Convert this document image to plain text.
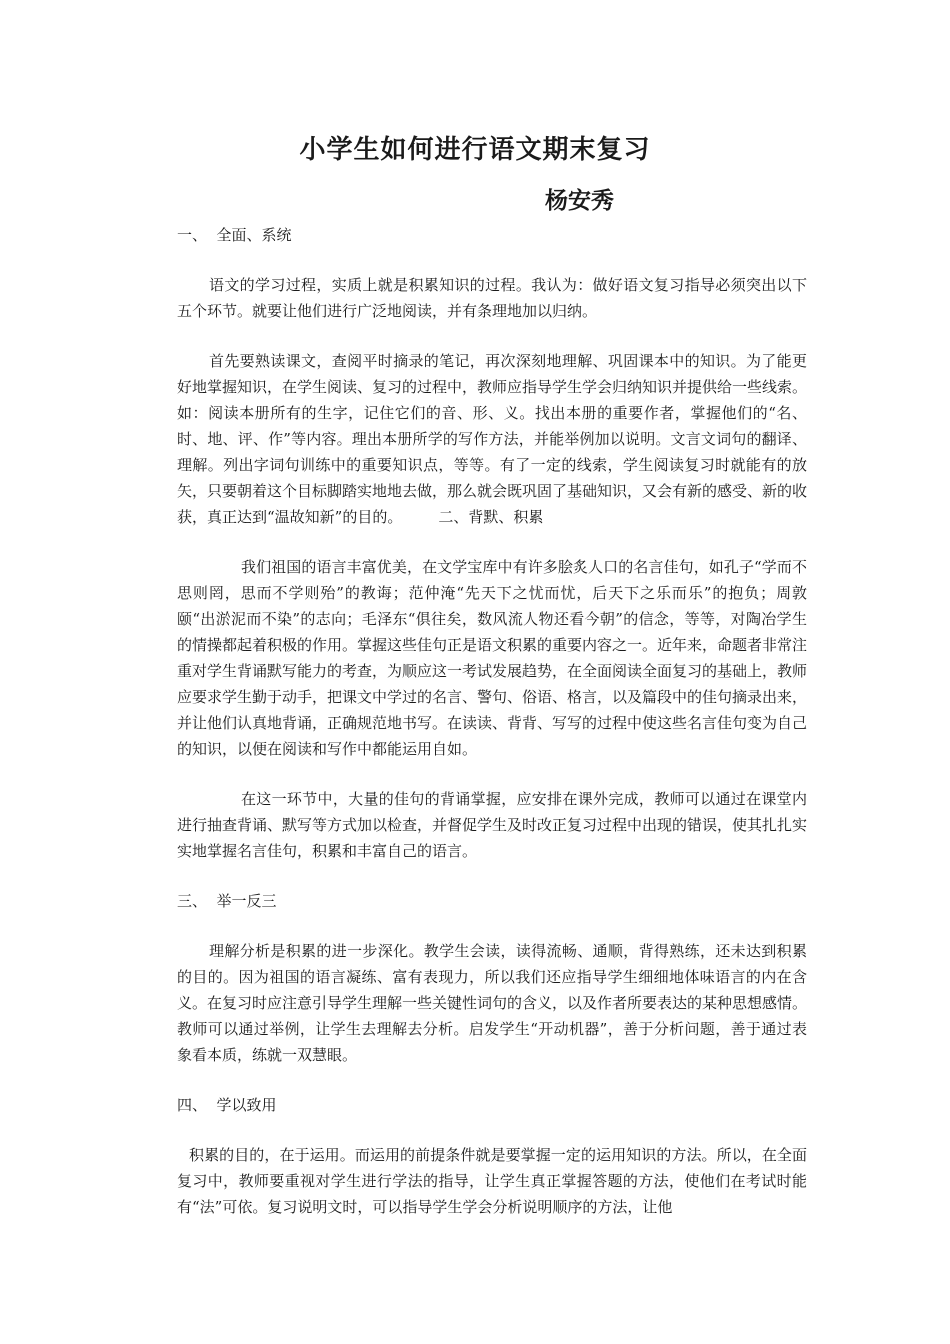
小学生如何进行语文期末复习
杨安秀
一、  全面、系统

语文的学习过程，实质上就是积累知识的过程。我认为：做好语文复习指导必须突出以下五个环节。就要让他们进行广泛地阅读，并有条理地加以归纳。

首先要熟读课文，查阅平时摘录的笔记，再次深刻地理解、巩固课本中的知识。为了能更好地掌握知识，在学生阅读、复习的过程中，教师应指导学生学会归纳知识并提供给一些线索。如：阅读本册所有的生字，记住它们的音、形、义。找出本册的重要作者，掌握他们的“名、时、地、评、作”等内容。理出本册所学的写作方法，并能举例加以说明。文言文词句的翻译、理解。列出字词句训练中的重要知识点，等等。有了一定的线索，学生阅读复习时就能有的放矢，只要朝着这个目标脚踏实地地去做，那么就会既巩固了基础知识，又会有新的感受、新的收获，真正达到“温故知新”的目的。 二、背默、积累

我们祖国的语言丰富优美，在文学宝库中有许多脍炙人口的名言佳句，如孔子“学而不思则罔，思而不学则殆”的教诲；范仲淹“先天下之忧而忧，后天下之乐而乐”的抱负；周敦颐“出淤泥而不染”的志向；毛泽东“俱往矣，数风流人物还看今朝”的信念，等等，对陶冶学生的情操都起着积极的作用。掌握这些佳句正是语文积累的重要内容之一。近年来，命题者非常注重对学生背诵默写能力的考查，为顺应这一考试发展趋势，在全面阅读全面复习的基础上，教师应要求学生勤于动手，把课文中学过的名言、警句、俗语、格言，以及篇段中的佳句摘录出来，并让他们认真地背诵，正确规范地书写。在读读、背背、写写的过程中使这些名言佳句变为自己的知识，以便在阅读和写作中都能运用自如。

在这一环节中，大量的佳句的背诵掌握，应安排在课外完成，教师可以通过在课堂内进行抽查背诵、默写等方式加以检查，并督促学生及时改正复习过程中出现的错误，使其扎扎实实地掌握名言佳句，积累和丰富自己的语言。

三、  举一反三

理解分析是积累的进一步深化。教学生会读，读得流畅、通顺，背得熟练，还未达到积累的目的。因为祖国的语言凝练、富有表现力，所以我们还应指导学生细细地体味语言的内在含义。在复习时应注意引导学生理解一些关键性词句的含义，以及作者所要表达的某种思想感情。教师可以通过举例，让学生去理解去分析。启发学生“开动机器”，善于分析问题，善于通过表象看本质，练就一双慧眼。

四、  学以致用

积累的目的，在于运用。而运用的前提条件就是要掌握一定的运用知识的方法。所以，在全面复习中，教师要重视对学生进行学法的指导，让学生真正掌握答题的方法，使他们在考试时能有“法”可依。复习说明文时，可以指导学生学会分析说明顺序的方法，让他
